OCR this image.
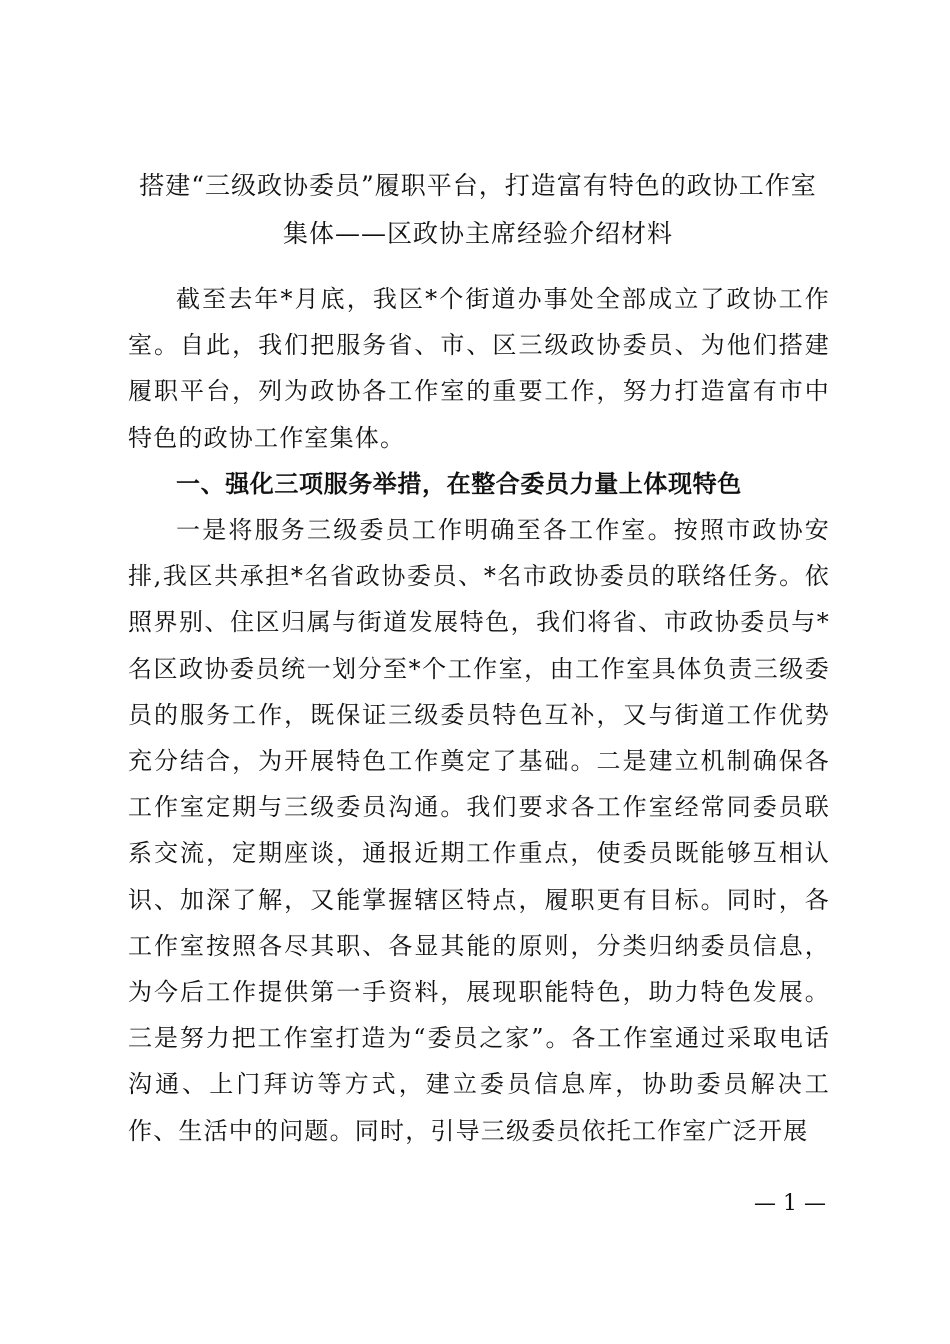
搭建“三级政协委员”履职平台，打造富有特色的政协工作室
集体——区政协主席经验介绍材料

截至去年*月底，我区*个街道办事处全部成立了政协工作室。自此，我们把服务省、市、区三级政协委员、为他们搭建履职平台，列为政协各工作室的重要工作，努力打造富有市中特色的政协工作室集体。

一、强化三项服务举措，在整合委员力量上体现特色

一是将服务三级委员工作明确至各工作室。按照市政协安排,我区共承担*名省政协委员、*名市政协委员的联络任务。依照界别、住区归属与街道发展特色，我们将省、市政协委员与*名区政协委员统一划分至*个工作室，由工作室具体负责三级委员的服务工作，既保证三级委员特色互补，又与街道工作优势充分结合，为开展特色工作奠定了基础。二是建立机制确保各工作室定期与三级委员沟通。我们要求各工作室经常同委员联系交流，定期座谈，通报近期工作重点，使委员既能够互相认识、加深了解，又能掌握辖区特点，履职更有目标。同时，各工作室按照各尽其职、各显其能的原则，分类归纳委员信息，为今后工作提供第一手资料，展现职能特色，助力特色发展。三是努力把工作室打造为“委员之家”。各工作室通过采取电话沟通、上门拜访等方式，建立委员信息库，协助委员解决工作、生活中的问题。同时，引导三级委员依托工作室广泛开展

— 1 —
